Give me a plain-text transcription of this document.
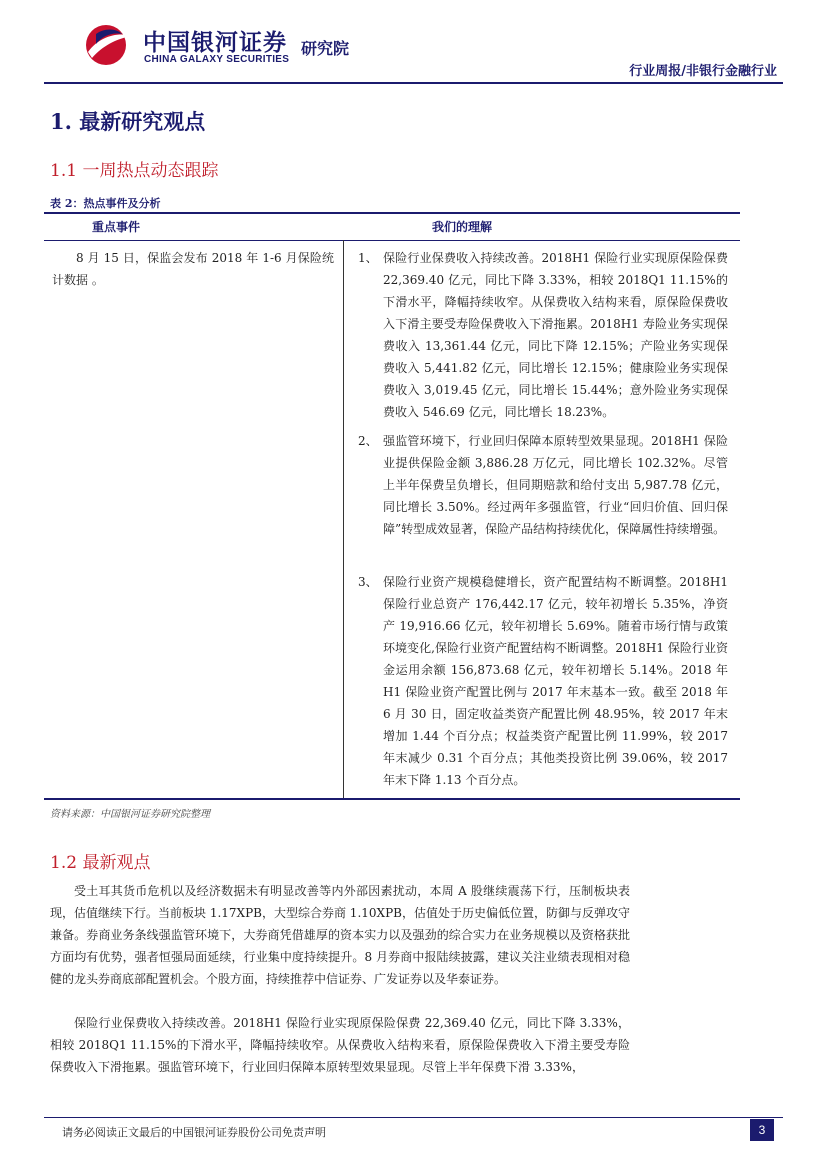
中国银河证券
CHINA GALAXY SECURITIES
研究院
行业周报/非银行金融行业
1. 最新研究观点
1.1 一周热点动态跟踪
表 2：热点事件及分析
重点事件	我们的理解
8 月 15 日，保监会发布 2018 年 1-6 月保险统计数据 。
1、 保险行业保费收入持续改善。2018H1 保险行业实现原保险保费 22,369.40 亿元，同比下降 3.33%，相较 2018Q1 11.15%的下滑水平，降幅持续收窄。从保费收入结构来看，原保险保费收入下滑主要受寿险保费收入下滑拖累。2018H1 寿险业务实现保费收入 13,361.44 亿元，同比下降 12.15%；产险业务实现保费收入 5,441.82 亿元，同比增长 12.15%；健康险业务实现保费收入 3,019.45 亿元，同比增长 15.44%；意外险业务实现保费收入 546.69 亿元，同比增长 18.23%。
2、 强监管环境下，行业回归保障本原转型效果显现。2018H1 保险业提供保险金额 3,886.28 万亿元，同比增长 102.32%。尽管上半年保费呈负增长，但同期赔款和给付支出 5,987.78 亿元，同比增长 3.50%。经过两年多强监管，行业“回归价值、回归保障”转型成效显著，保险产品结构持续优化，保障属性持续增强。
3、 保险行业资产规模稳健增长，资产配置结构不断调整。2018H1 保险行业总资产 176,442.17 亿元，较年初增长 5.35%，净资产 19,916.66 亿元，较年初增长 5.69%。随着市场行情与政策环境变化,保险行业资产配置结构不断调整。2018H1 保险行业资金运用余额 156,873.68 亿元，较年初增长 5.14%。2018 年 H1 保险业资产配置比例与 2017 年末基本一致。截至 2018 年 6 月 30 日，固定收益类资产配置比例 48.95%，较 2017 年末增加 1.44 个百分点；权益类资产配置比例 11.99%，较 2017 年末减少 0.31 个百分点；其他类投资比例 39.06%，较 2017 年末下降 1.13 个百分点。
资料来源：中国银河证券研究院整理
1.2 最新观点
受土耳其货币危机以及经济数据未有明显改善等内外部因素扰动，本周 A 股继续震荡下行，压制板块表现，估值继续下行。当前板块 1.17XPB，大型综合券商 1.10XPB，估值处于历史偏低位置，防御与反弹攻守兼备。券商业务条线强监管环境下，大券商凭借雄厚的资本实力以及强劲的综合实力在业务规模以及资格获批方面均有优势，强者恒强局面延续，行业集中度持续提升。8 月券商中报陆续披露，建议关注业绩表现相对稳健的龙头券商底部配置机会。个股方面，持续推荐中信证券、广发证券以及华泰证券。
保险行业保费收入持续改善。2018H1 保险行业实现原保险保费 22,369.40 亿元，同比下降 3.33%，相较 2018Q1 11.15%的下滑水平，降幅持续收窄。从保费收入结构来看，原保险保费收入下滑主要受寿险保费收入下滑拖累。强监管环境下，行业回归保障本原转型效果显现。尽管上半年保费下滑 3.33%，
请务必阅读正文最后的中国银河证券股份公司免责声明	3
